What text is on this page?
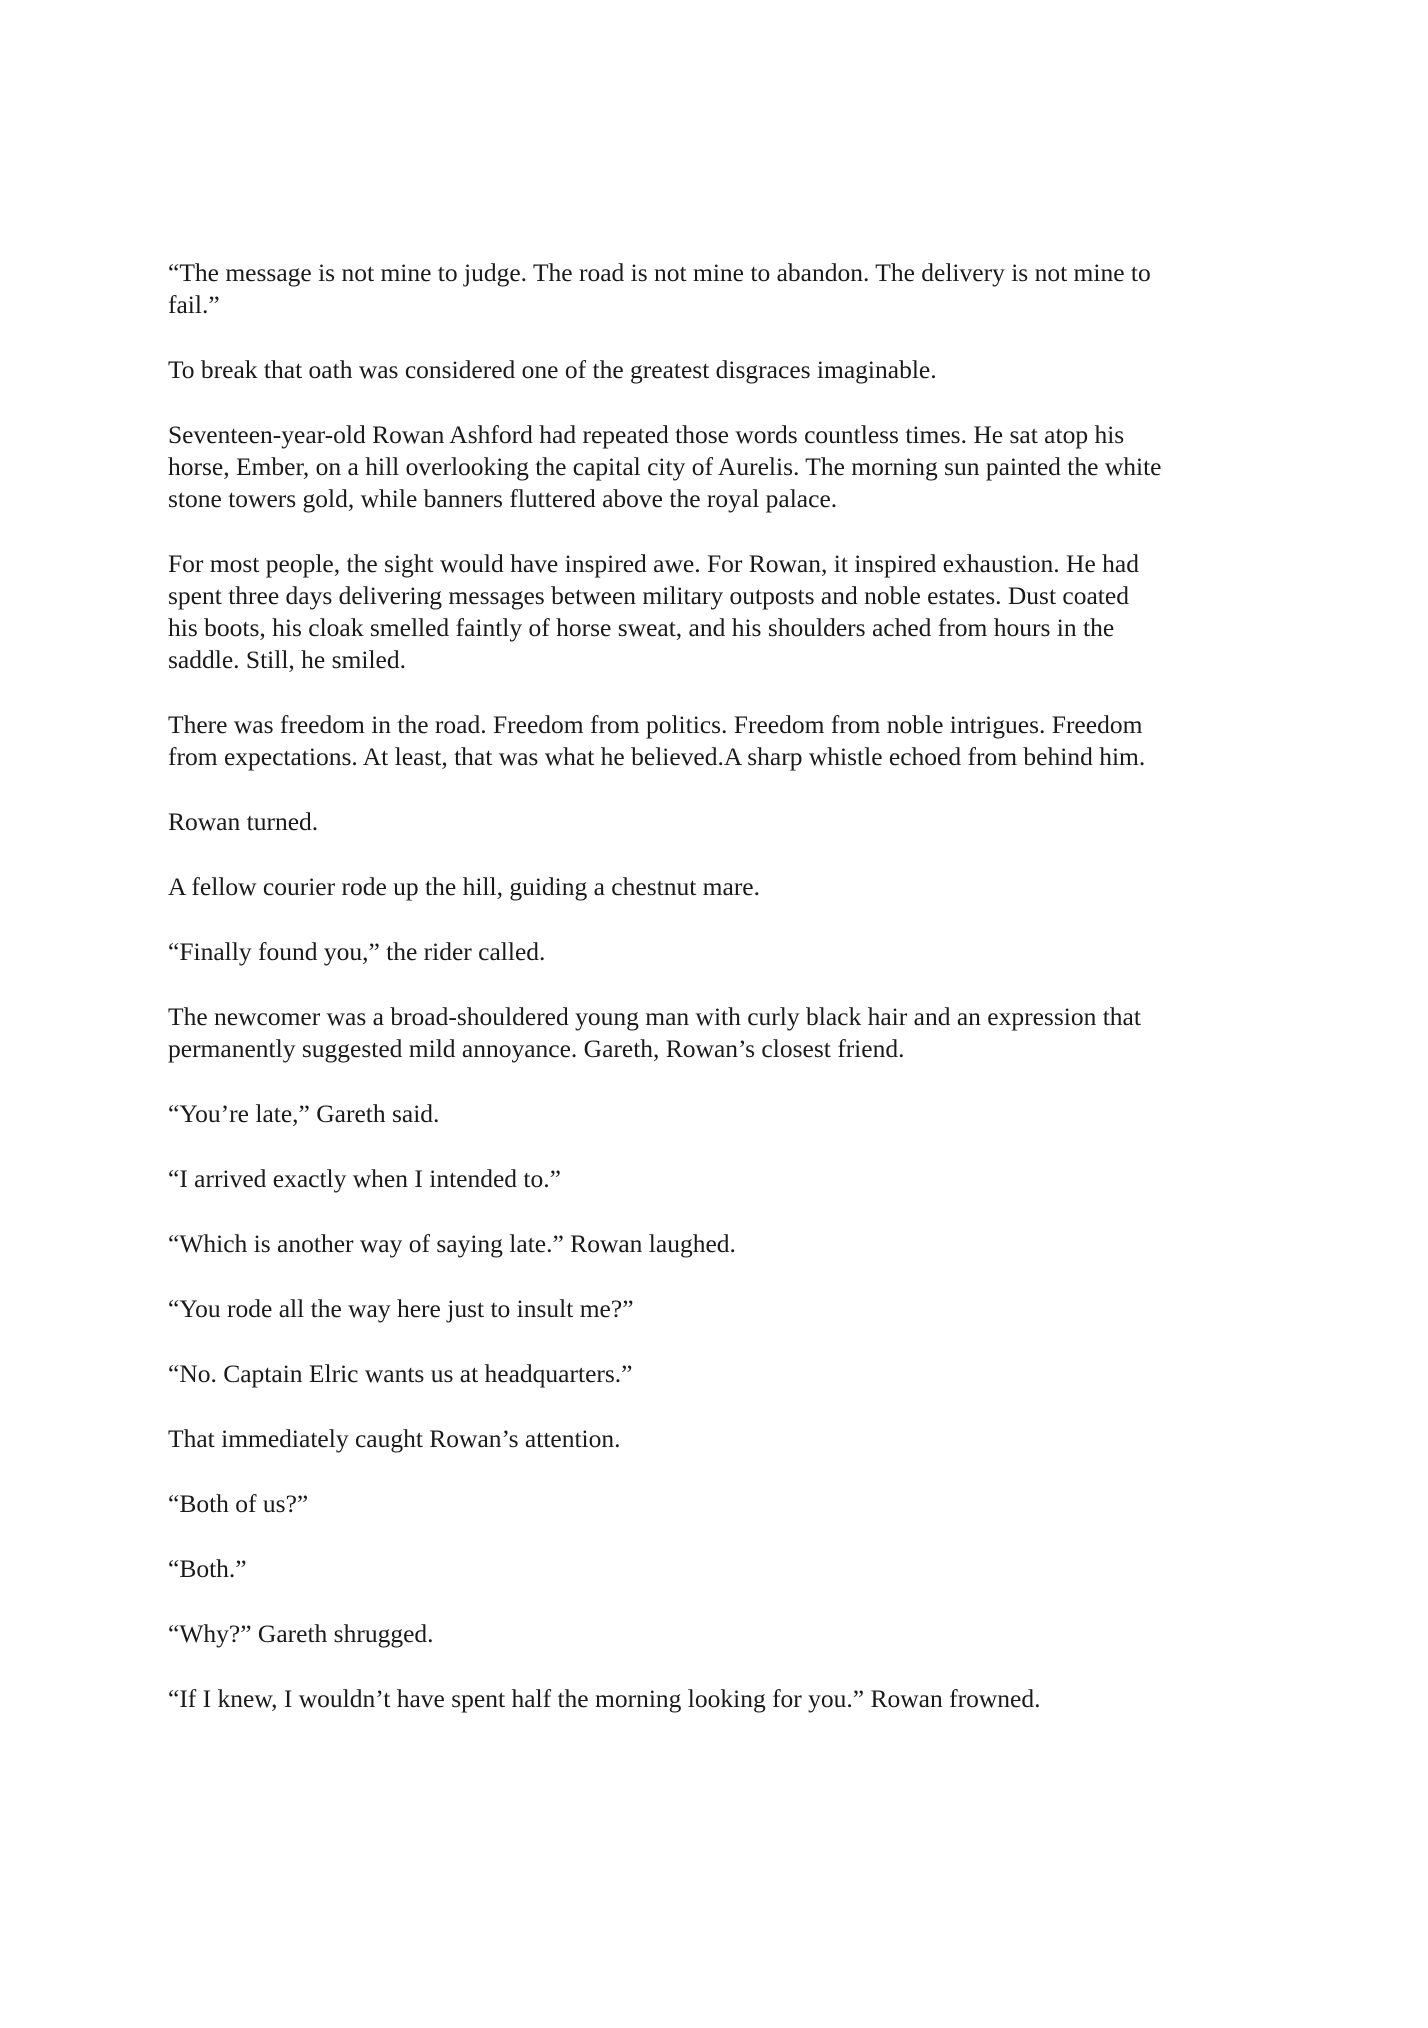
“The message is not mine to judge. The road is not mine to abandon. The delivery is not mine to
fail.”

To break that oath was considered one of the greatest disgraces imaginable.

Seventeen-year-old Rowan Ashford had repeated those words countless times. He sat atop his
horse, Ember, on a hill overlooking the capital city of Aurelis. The morning sun painted the white
stone towers gold, while banners fluttered above the royal palace.

For most people, the sight would have inspired awe. For Rowan, it inspired exhaustion. He had
spent three days delivering messages between military outposts and noble estates. Dust coated
his boots, his cloak smelled faintly of horse sweat, and his shoulders ached from hours in the
saddle. Still, he smiled.

There was freedom in the road. Freedom from politics. Freedom from noble intrigues. Freedom
from expectations. At least, that was what he believed.A sharp whistle echoed from behind him.

Rowan turned.

A fellow courier rode up the hill, guiding a chestnut mare.

“Finally found you,” the rider called.

The newcomer was a broad-shouldered young man with curly black hair and an expression that
permanently suggested mild annoyance. Gareth, Rowan’s closest friend.

“You’re late,” Gareth said.

“I arrived exactly when I intended to.”

“Which is another way of saying late.” Rowan laughed.

“You rode all the way here just to insult me?”

“No. Captain Elric wants us at headquarters.”

That immediately caught Rowan’s attention.

“Both of us?”

“Both.”

“Why?” Gareth shrugged.

“If I knew, I wouldn’t have spent half the morning looking for you.” Rowan frowned.
